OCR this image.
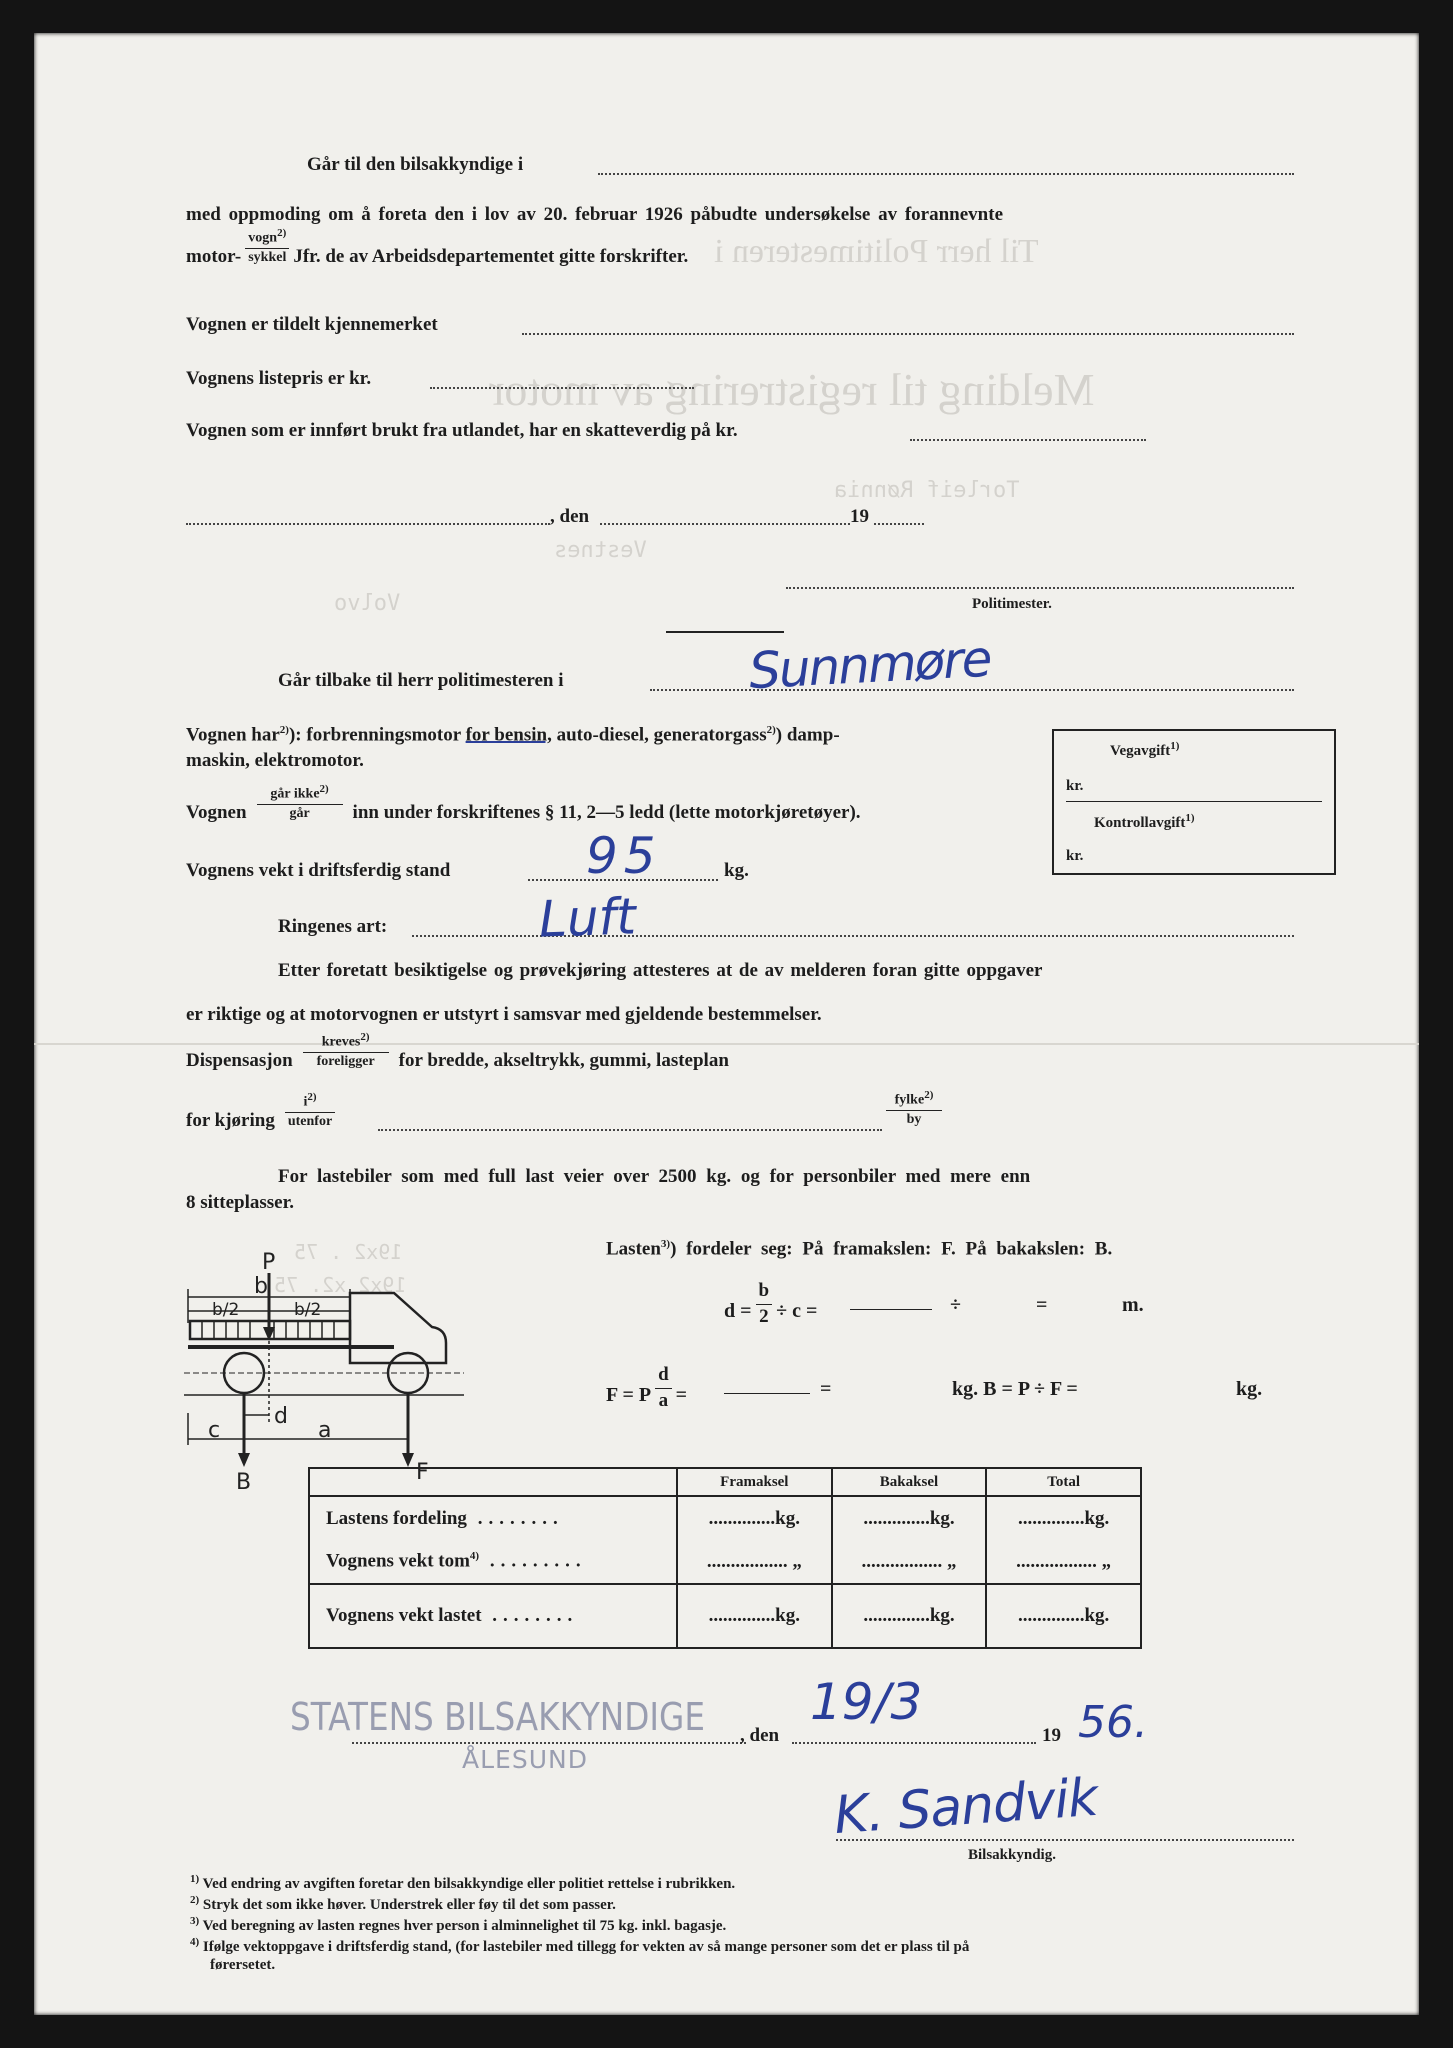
Melding til registrering av motor
Til herr Politimesteren i
Torleif Rønnia
Vestnes
Volvo
19x2 . 75
19x2 x2. 75
Går til den bilsakkyndige i
med oppmoding om å foreta den i lov av 20. februar 1926 påbudte undersøkelse av forannevnte
motor- $\frac{vogn^{2)}}{\text{sykkel}}$ Jfr. de av Arbeidsdepartementet gitte forskrifter.
Vognen er tildelt kjennemerket
Vognens listepris er kr.
Vognen som er innført brukt fra utlandet, har en skatteverdig på kr.
, den	19
Politimester.
Går tilbake til herr politimesteren i	Sunnmøre
Vognen har$^{2)}$): forbrenningsmotor for bensin, auto-diesel, generatorgass$^{2)}$) damp-
maskin, elektromotor.
Vognen $\frac{går ikke^{2)}}{\text{går}}$ inn under forskriftenes § 11, 2—5 ledd (lette motorkjøretøyer).
Vognens vekt i driftsferdig stand	kg.
95
Ringenes art:	Luft
Vegavgift$^{1)}$
kr.
Kontrollavgift$^{1)}$
kr.
Etter foretatt besiktigelse og prøvekjøring attesteres at de av melderen foran gitte oppgaver
er riktige og at motorvognen er utstyrt i samsvar med gjeldende bestemmelser.
Dispensasjon $\frac{kreves^{2)}}{\text{foreligger}}$ for bredde, akseltrykk, gummi, lasteplan
for kjøring $\frac{i^{2)}}{\text{utenfor}}$	$\frac{fylke^{2)}}{by}$
For lastebiler som med full last veier over 2500 kg. og for personbiler med mere enn
8 sitteplasser.
P
b
b/2	b/2
c	a
d
B	F
Lasten$^{3)}$) fordeler seg: På framakslen: F. På bakakslen: B.
$d = \frac{b}{2} \div c$ =	÷	=	m.
F = P $\frac{d}{a}$ =	=	kg. B = P ÷ F =	kg.
	Framaksel	Bakaksel	Total
Lastens fordeling ........	..............kg.	..............kg.	..............kg.
Vognens vekt tom$^{4)}$ .........	................. „	................. „	................. „
Vognens vekt lastet ........	..............kg.	..............kg.	..............kg.
STATENS BILSAKKYNDIGE
ÅLESUND
, den	19
19/3	56.
K. Sandvik
Bilsakkyndig.
$^{1)}$ Ved endring av avgiften foretar den bilsakkyndige eller politiet rettelse i rubrikken.
$^{2)}$ Stryk det som ikke høver. Understrek eller føy til det som passer.
$^{3)}$ Ved beregning av lasten regnes hver person i alminnelighet til 75 kg. inkl. bagasje.
$^{4)}$ Ifølge vektoppgave i driftsferdig stand, (for lastebiler med tillegg for vekten av så mange personer som det er plass til på
førersetet.
